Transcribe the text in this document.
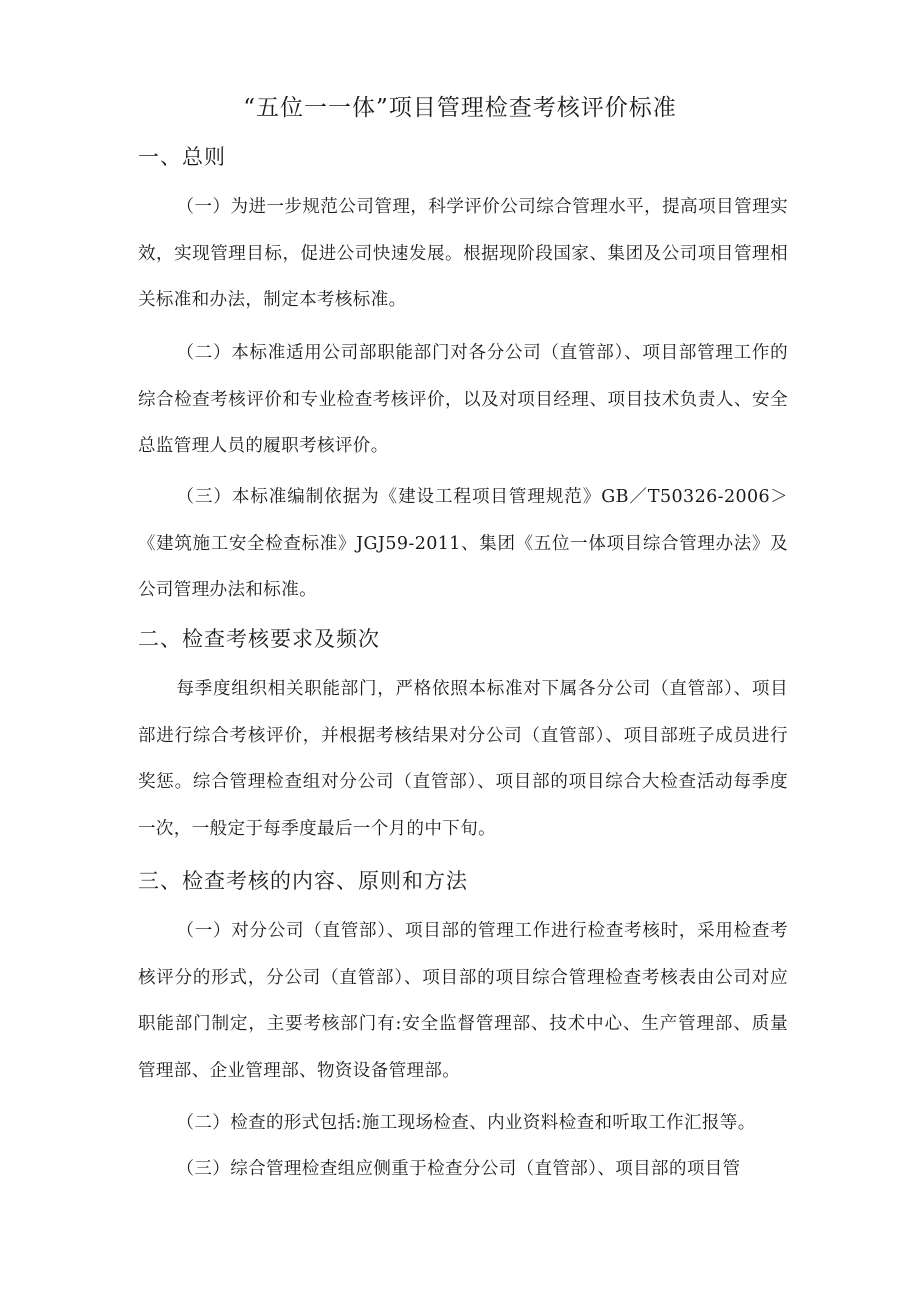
“五位一一体”项目管理检查考核评价标准
一、总则

（一）为进一步规范公司管理，科学评价公司综合管理水平，提高项目管理实效，实现管理目标，促进公司快速发展。根据现阶段国家、集团及公司项目管理相关标准和办法，制定本考核标准。

（二）本标准适用公司部职能部门对各分公司（直管部）、项目部管理工作的综合检查考核评价和专业检查考核评价，以及对项目经理、项目技术负责人、安全总监管理人员的履职考核评价。

（三）本标准编制依据为《建设工程项目管理规范》GB／T50326-2006＞《建筑施工安全检查标准》JGJ59-2011、集团《五位一体项目综合管理办法》及公司管理办法和标准。

二、检查考核要求及频次

每季度组织相关职能部门，严格依照本标准对下属各分公司（直管部）、项目部进行综合考核评价，并根据考核结果对分公司（直管部）、项目部班子成员进行奖惩。综合管理检查组对分公司（直管部）、项目部的项目综合大检查活动每季度一次，一般定于每季度最后一个月的中下旬。

三、检查考核的内容、原则和方法

（一）对分公司（直管部）、项目部的管理工作进行检查考核时，采用检查考核评分的形式，分公司（直管部）、项目部的项目综合管理检查考核表由公司对应职能部门制定，主要考核部门有:安全监督管理部、技术中心、生产管理部、质量管理部、企业管理部、物资设备管理部。

（二）检查的形式包括:施工现场检查、内业资料检查和听取工作汇报等。

（三）综合管理检查组应侧重于检查分公司（直管部）、项目部的项目管
